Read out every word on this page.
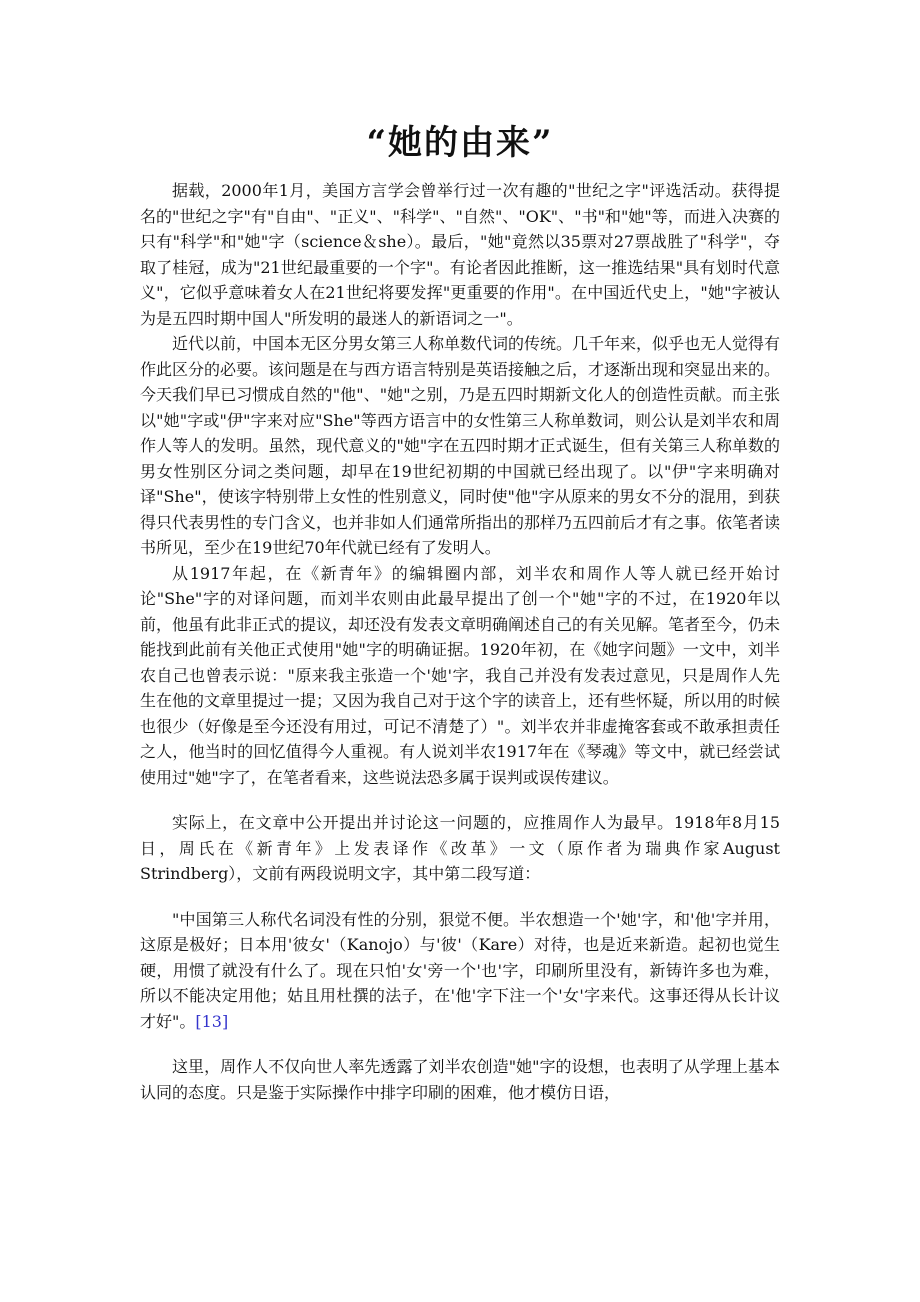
“她的由来”

据载，2000年1月，美国方言学会曾举行过一次有趣的"世纪之字"评选活动。获得提名的"世纪之字"有"自由"、"正义"、"科学"、"自然"、"OK"、"书"和"她"等，而进入决赛的只有"科学"和"她"字（science＆she）。最后，"她"竟然以35票对27票战胜了"科学"，夺取了桂冠，成为"21世纪最重要的一个字"。有论者因此推断，这一推选结果"具有划时代意义"，它似乎意味着女人在21世纪将要发挥"更重要的作用"。在中国近代史上，"她"字被认为是五四时期中国人"所发明的最迷人的新语词之一"。

近代以前，中国本无区分男女第三人称单数代词的传统。几千年来，似乎也无人觉得有作此区分的必要。该问题是在与西方语言特别是英语接触之后，才逐渐出现和突显出来的。今天我们早已习惯成自然的"他"、"她"之别，乃是五四时期新文化人的创造性贡献。而主张以"她"字或"伊"字来对应"She"等西方语言中的女性第三人称单数词，则公认是刘半农和周作人等人的发明。虽然，现代意义的"她"字在五四时期才正式诞生，但有关第三人称单数的男女性别区分词之类问题，却早在19世纪初期的中国就已经出现了。以"伊"字来明确对译"She"，使该字特别带上女性的性别意义，同时使"他"字从原来的男女不分的混用，到获得只代表男性的专门含义，也并非如人们通常所指出的那样乃五四前后才有之事。依笔者读书所见，至少在19世纪70年代就已经有了发明人。

从1917年起，在《新青年》的编辑圈内部，刘半农和周作人等人就已经开始讨论"She"字的对译问题，而刘半农则由此最早提出了创一个"她"字的不过，在1920年以前，他虽有此非正式的提议，却还没有发表文章明确阐述自己的有关见解。笔者至今，仍未能找到此前有关他正式使用"她"字的明确证据。1920年初，在《她字问题》一文中，刘半农自己也曾表示说："原来我主张造一个'她'字，我自己并没有发表过意见，只是周作人先生在他的文章里提过一提；又因为我自己对于这个字的读音上，还有些怀疑，所以用的时候也很少（好像是至今还没有用过，可记不清楚了）"。刘半农并非虚掩客套或不敢承担责任之人，他当时的回忆值得今人重视。有人说刘半农1917年在《琴魂》等文中，就已经尝试使用过"她"字了，在笔者看来，这些说法恐多属于误判或误传建议。

实际上，在文章中公开提出并讨论这一问题的，应推周作人为最早。1918年8月15日，周氏在《新青年》上发表译作《改革》一文（原作者为瑞典作家August Strindberg），文前有两段说明文字，其中第二段写道：

"中国第三人称代名词没有性的分别，狠觉不便。半农想造一个'她'字，和'他'字并用，这原是极好；日本用'彼女'（Kanojo）与'彼'（Kare）对待，也是近来新造。起初也觉生硬，用惯了就没有什么了。现在只怕'女'旁一个'也'字，印刷所里没有，新铸许多也为难，所以不能决定用他；姑且用杜撰的法子，在'他'字下注一个'女'字来代。这事还得从长计议才好"。[13]

这里，周作人不仅向世人率先透露了刘半农创造"她"字的设想，也表明了从学理上基本认同的态度。只是鉴于实际操作中排字印刷的困难，他才模仿日语，
